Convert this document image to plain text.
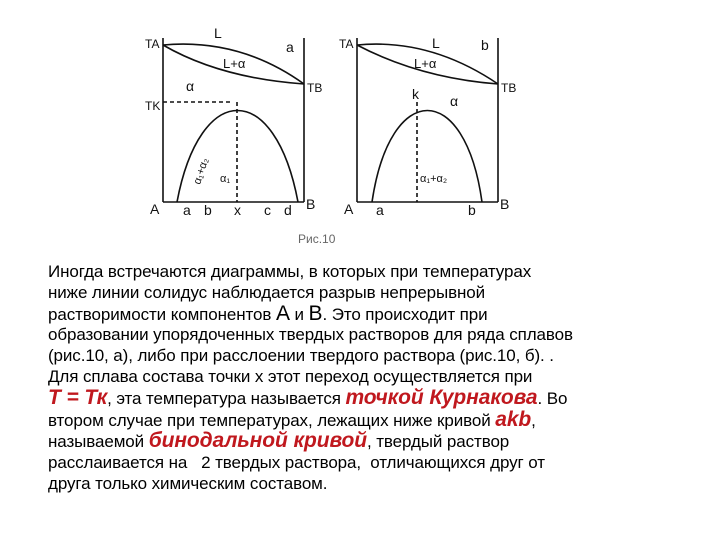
TA
L
a
L+α
TB
α
TK
α₁+α₂ α₁
A a b x c d B
TA	L	b
L+α
TB
k α
α₁+α₂
A a	b B
Рис.10
Иногда встречаются диаграммы, в которых при температурах
ниже линии солидус наблюдается разрыв непрерывной
растворимости компонентов А и В. Это происходит при
образовании упорядоченных твердых растворов для ряда сплавов
(рис.10, а), либо при расслоении твердого раствора (рис.10, б). .
Для сплава состава точки х этот переход осуществляется при
Т = Тк, эта температура называется точкой Курнакова. Во
втором случае при температурах, лежащих ниже кривой akb,
называемой бинодальной кривой, твердый раствор
расслаивается на   2 твердых раствора,  отличающихся друг от
друга только химическим составом.
